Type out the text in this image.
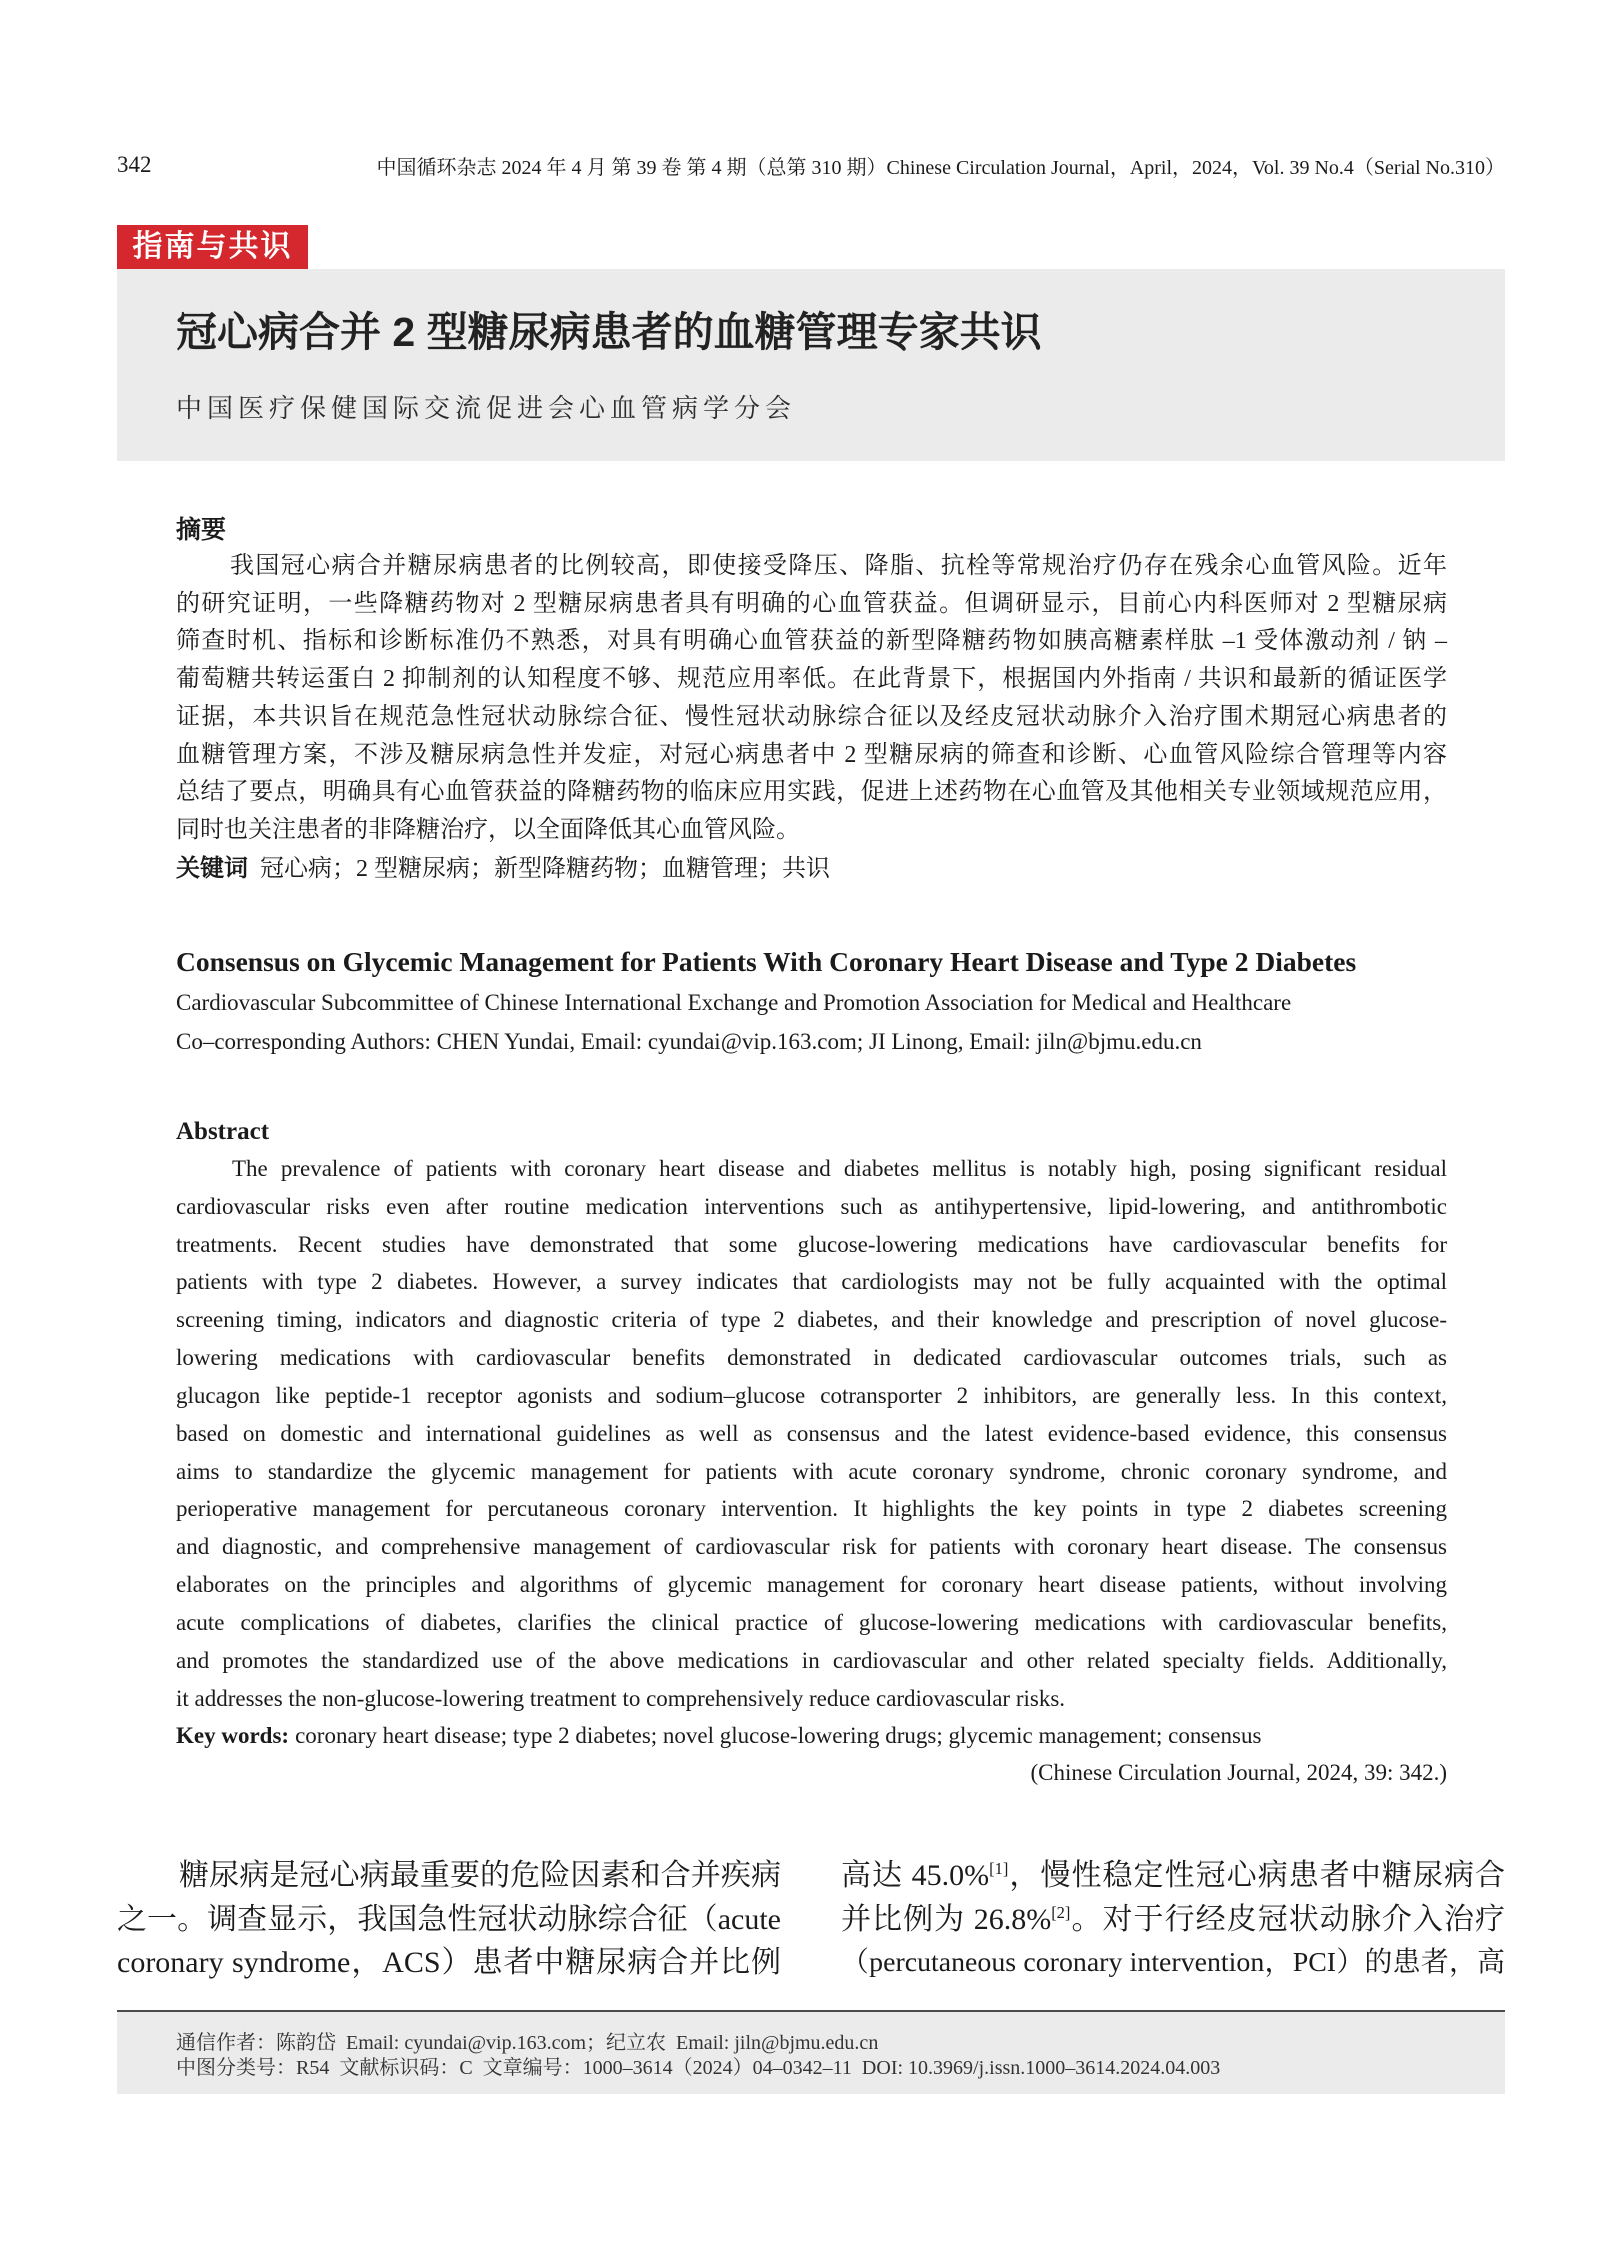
342	中国循环杂志 2024 年 4 月 第 39 卷 第 4 期（总第 310 期）Chinese Circulation Journal，April，2024，Vol. 39 No.4（Serial No.310）
指南与共识
冠心病合并 2 型糖尿病患者的血糖管理专家共识
中国医疗保健国际交流促进会心血管病学分会
摘要
我国冠心病合并糖尿病患者的比例较高，即使接受降压、降脂、抗栓等常规治疗仍存在残余心血管风险。近年
的研究证明，一些降糖药物对 2 型糖尿病患者具有明确的心血管获益。但调研显示，目前心内科医师对 2 型糖尿病
筛查时机、指标和诊断标准仍不熟悉，对具有明确心血管获益的新型降糖药物如胰高糖素样肽 –1 受体激动剂 / 钠 –
葡萄糖共转运蛋白 2 抑制剂的认知程度不够、规范应用率低。在此背景下，根据国内外指南 / 共识和最新的循证医学
证据，本共识旨在规范急性冠状动脉综合征、慢性冠状动脉综合征以及经皮冠状动脉介入治疗围术期冠心病患者的
血糖管理方案，不涉及糖尿病急性并发症，对冠心病患者中 2 型糖尿病的筛查和诊断、心血管风险综合管理等内容
总结了要点，明确具有心血管获益的降糖药物的临床应用实践，促进上述药物在心血管及其他相关专业领域规范应用，
同时也关注患者的非降糖治疗，以全面降低其心血管风险。
关键词 冠心病；2 型糖尿病；新型降糖药物；血糖管理；共识
Consensus on Glycemic Management for Patients With Coronary Heart Disease and Type 2 Diabetes
Cardiovascular Subcommittee of Chinese International Exchange and Promotion Association for Medical and Healthcare
Co–corresponding Authors: CHEN Yundai, Email: cyundai@vip.163.com; JI Linong, Email: jiln@bjmu.edu.cn
Abstract
The prevalence of patients with coronary heart disease and diabetes mellitus is notably high, posing significant residual
cardiovascular risks even after routine medication interventions such as antihypertensive, lipid-lowering, and antithrombotic
treatments. Recent studies have demonstrated that some glucose-lowering medications have cardiovascular benefits for
patients with type 2 diabetes. However, a survey indicates that cardiologists may not be fully acquainted with the optimal
screening timing, indicators and diagnostic criteria of type 2 diabetes, and their knowledge and prescription of novel glucose-
lowering medications with cardiovascular benefits demonstrated in dedicated cardiovascular outcomes trials, such as
glucagon like peptide-1 receptor agonists and sodium–glucose cotransporter 2 inhibitors, are generally less. In this context,
based on domestic and international guidelines as well as consensus and the latest evidence-based evidence, this consensus
aims to standardize the glycemic management for patients with acute coronary syndrome, chronic coronary syndrome, and
perioperative management for percutaneous coronary intervention. It highlights the key points in type 2 diabetes screening
and diagnostic, and comprehensive management of cardiovascular risk for patients with coronary heart disease. The consensus
elaborates on the principles and algorithms of glycemic management for coronary heart disease patients, without involving
acute complications of diabetes, clarifies the clinical practice of glucose-lowering medications with cardiovascular benefits,
and promotes the standardized use of the above medications in cardiovascular and other related specialty fields. Additionally,
it addresses the non-glucose-lowering treatment to comprehensively reduce cardiovascular risks.
Key words: coronary heart disease; type 2 diabetes; novel glucose-lowering drugs; glycemic management; consensus
(Chinese Circulation Journal, 2024, 39: 342.)
糖尿病是冠心病最重要的危险因素和合并疾病
之一。调查显示，我国急性冠状动脉综合征（acute
coronary syndrome，ACS）患者中糖尿病合并比例
高达 45.0%[1]，慢性稳定性冠心病患者中糖尿病合
并比例为 26.8%[2]。对于行经皮冠状动脉介入治疗
（percutaneous coronary intervention，PCI）的患者，高
通信作者：陈韵岱  Email: cyundai@vip.163.com；纪立农  Email: jiln@bjmu.edu.cn
中图分类号：R54  文献标识码：C  文章编号：1000–3614（2024）04–0342–11  DOI: 10.3969/j.issn.1000–3614.2024.04.003
